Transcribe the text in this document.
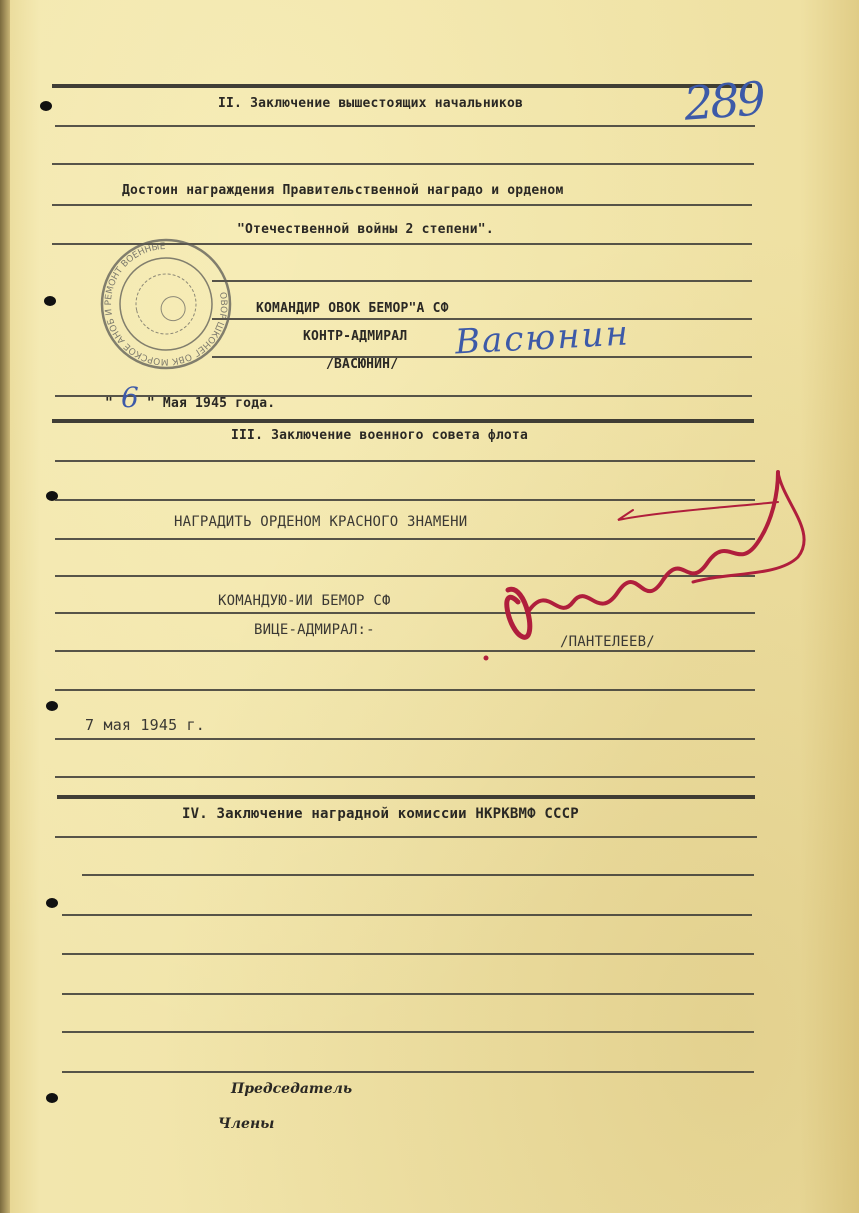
289
II. Заключение вышестоящих начальников
Достоин награждения Правительственной наградо и орденом
"Отечественной войны 2 степени".
ОВОР ШКОНЕГ ОВК МОРСКОЕ АНОБ И РЕМОНТ ВОЕННЫЕ
КОМАНДИР ОВОК БЕМОР"А СФ
КОНТР-АДМИРАЛ
/ВАСЮНИН/
Васюнин
" 6 " Мая 1945 года.
III. Заключение военного совета флота
НАГРАДИТЬ ОРДЕНОМ КРАСНОГО ЗНАМЕНИ
КОМАНДУЮ-ИИ БЕМОР СФ
ВИЦЕ-АДМИРАЛ:-
/ПАНТЕЛЕЕВ/
7 мая 1945 г.
IV. Заключение наградной комиссии НКРКВМФ СССР
Председатель
Члены
